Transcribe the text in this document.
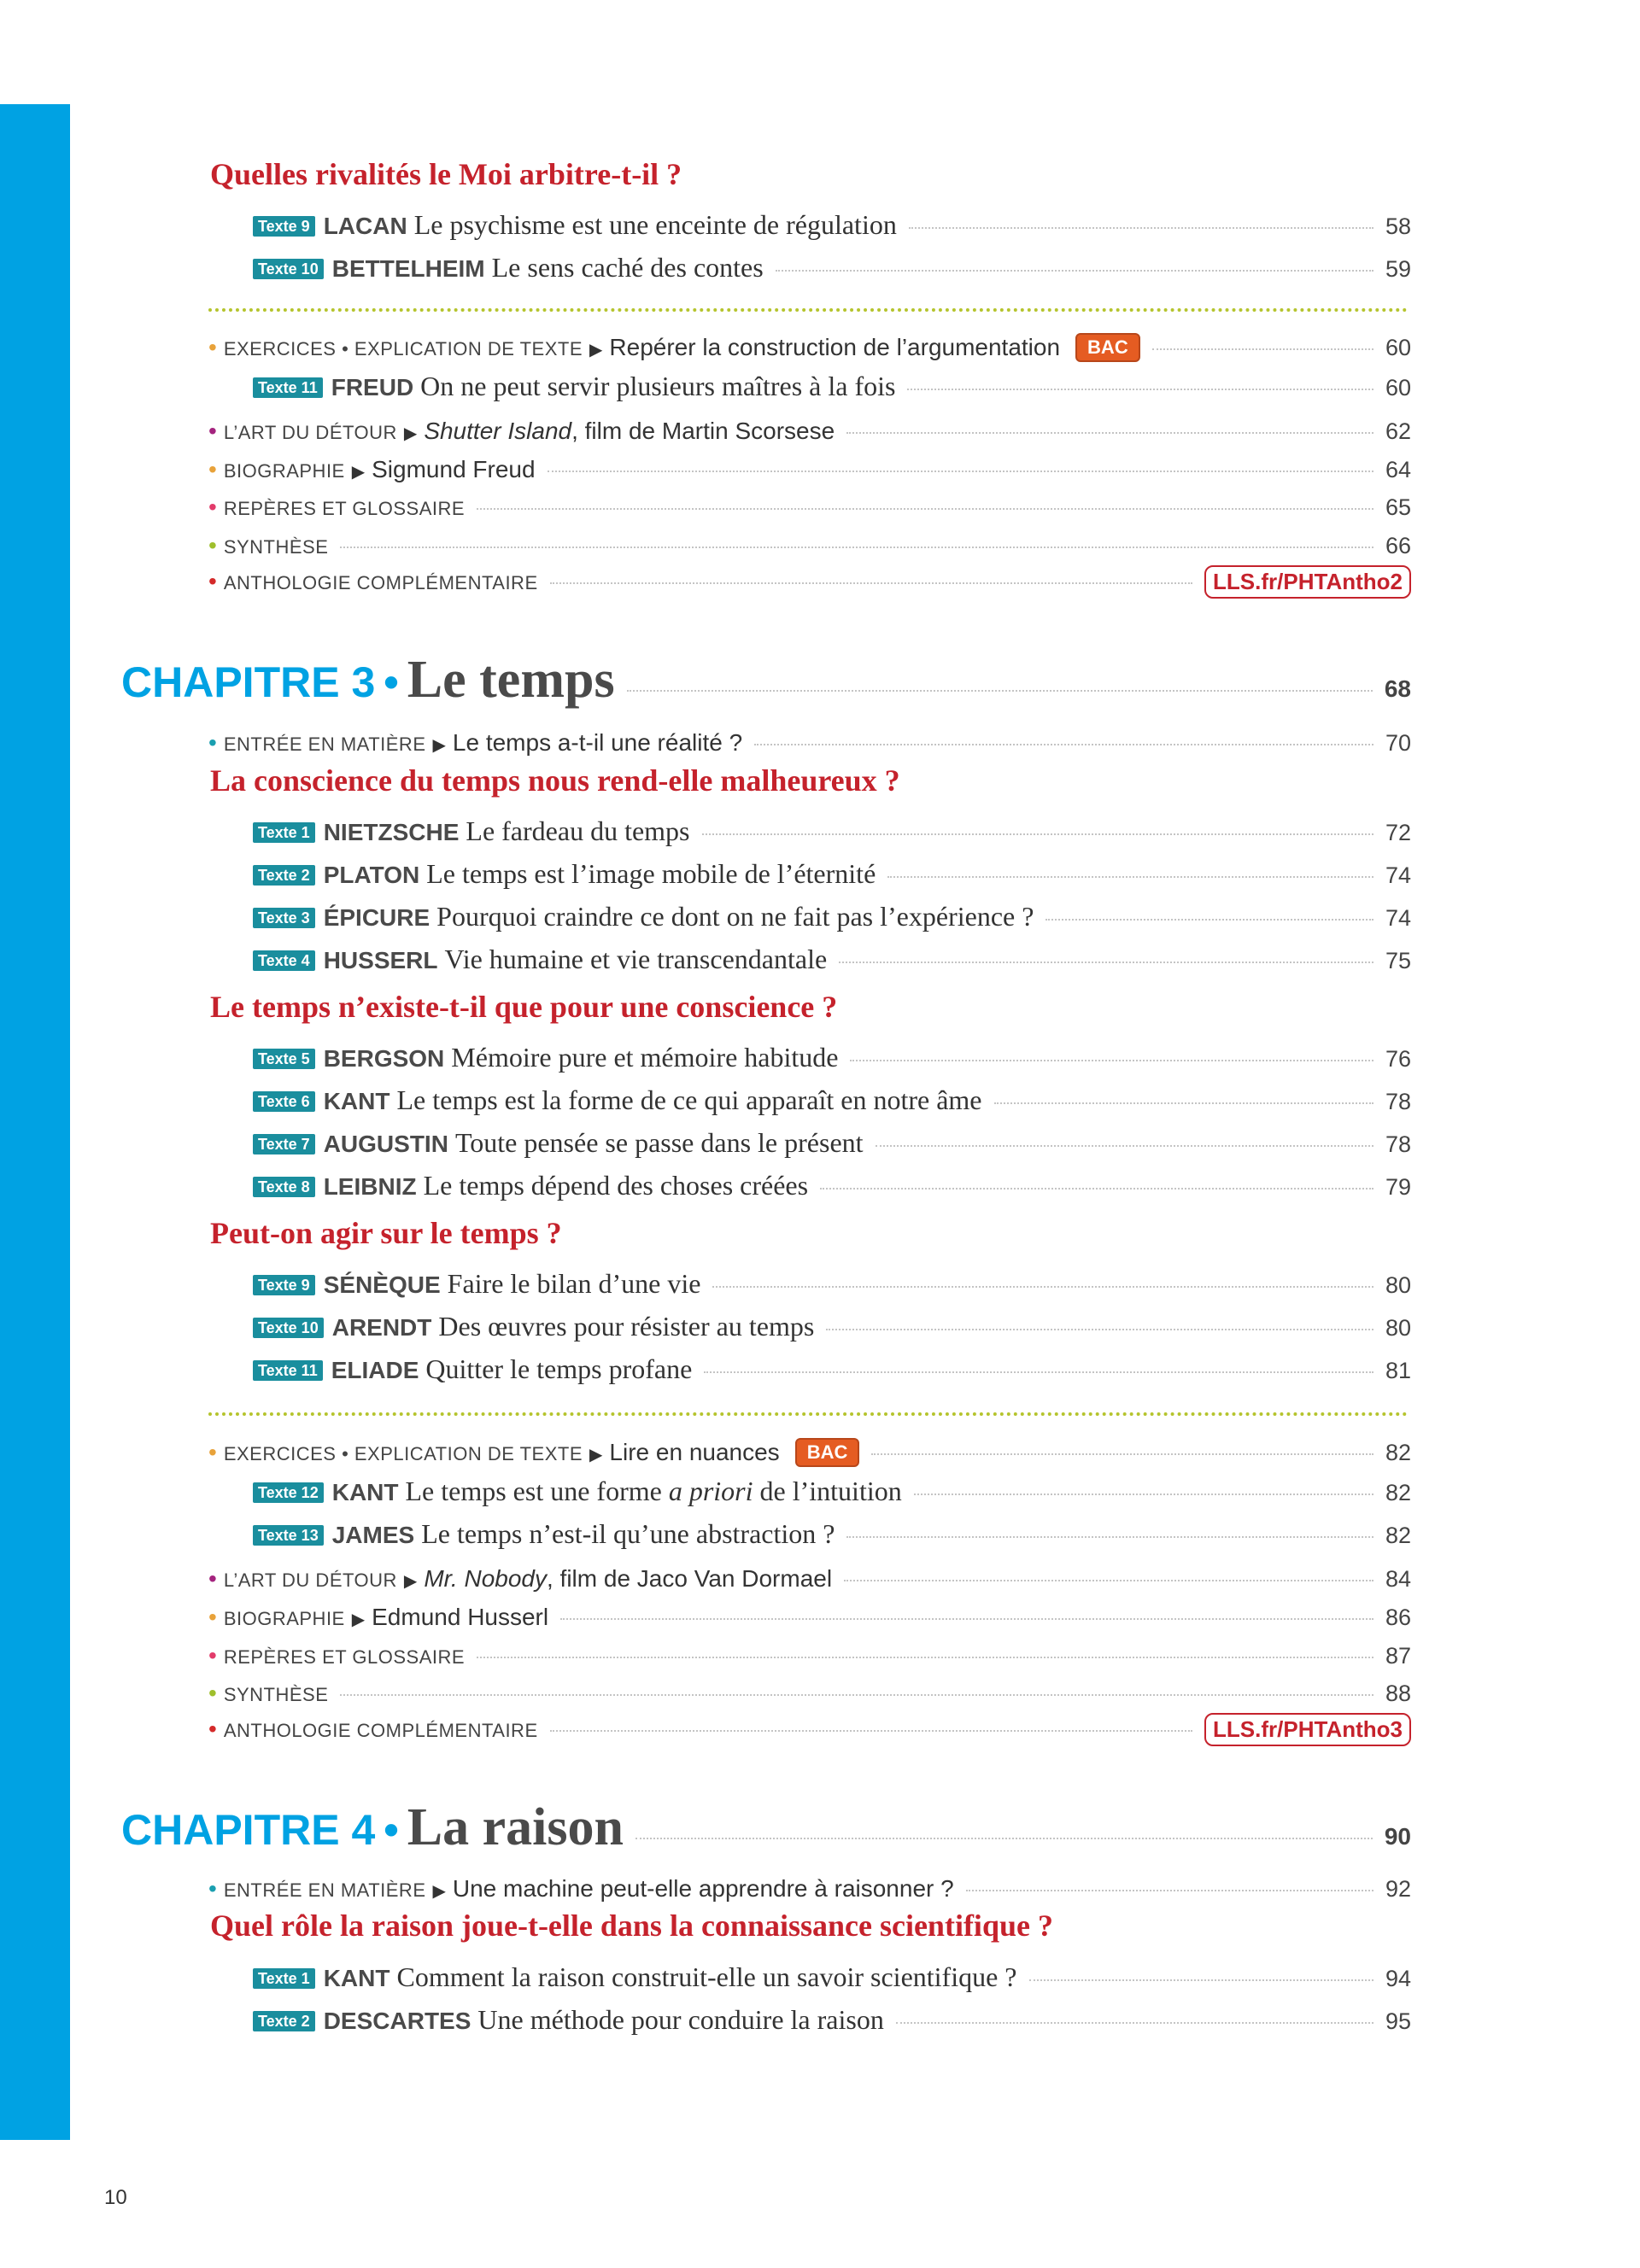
Quelles rivalités le Moi arbitre-t-il ?
Texte 9 LACAN Le psychisme est une enceinte de régulation	58
Texte 10 BETTELHEIM Le sens caché des contes	59
• EXERCICES • EXPLICATION DE TEXTE ▶ Repérer la construction de l’argumentation	BAC	60
Texte 11 FREUD On ne peut servir plusieurs maîtres à la fois	60
• L’ART DU DÉTOUR ▶ Shutter Island , film de Martin Scorsese	62
• BIOGRAPHIE ▶ Sigmund Freud	64
• REPÈRES ET GLOSSAIRE	65
• SYNTHÈSE	66
• ANTHOLOGIE COMPLÉMENTAIRE	LLS.fr/PHTAntho2
CHAPITRE 3 • Le temps	68
• ENTRÉE EN MATIÈRE ▶ Le temps a-t-il une réalité ?	70
La conscience du temps nous rend-elle malheureux ?
Texte 1 NIETZSCHE Le fardeau du temps	72
Texte 2 PLATON Le temps est l’image mobile de l’éternité	74
Texte 3 ÉPICURE Pourquoi craindre ce dont on ne fait pas l’expérience ?	74
Texte 4 HUSSERL Vie humaine et vie transcendantale	75
Le temps n’existe-t-il que pour une conscience ?
Texte 5 BERGSON Mémoire pure et mémoire habitude	76
Texte 6 KANT Le temps est la forme de ce qui apparaît en notre âme	78
Texte 7 AUGUSTIN Toute pensée se passe dans le présent	78
Texte 8 LEIBNIZ Le temps dépend des choses créées	79
Peut-on agir sur le temps ?
Texte 9 SÉNÈQUE Faire le bilan d’une vie	80
Texte 10 ARENDT Des œuvres pour résister au temps	80
Texte 11 ELIADE Quitter le temps profane	81
• EXERCICES • EXPLICATION DE TEXTE ▶ Lire en nuances	BAC	82
Texte 12 KANT Le temps est une forme a priori de l’intuition	82
Texte 13 JAMES Le temps n’est-il qu’une abstraction ?	82
• L’ART DU DÉTOUR ▶ Mr. Nobody , film de Jaco Van Dormael	84
• BIOGRAPHIE ▶ Edmund Husserl	86
• REPÈRES ET GLOSSAIRE	87
• SYNTHÈSE	88
• ANTHOLOGIE COMPLÉMENTAIRE	LLS.fr/PHTAntho3
CHAPITRE 4 • La raison	90
• ENTRÉE EN MATIÈRE ▶ Une machine peut-elle apprendre à raisonner ?	92
Quel rôle la raison joue-t-elle dans la connaissance scientifique ?
Texte 1 KANT Comment la raison construit-elle un savoir scientifique ?	94
Texte 2 DESCARTES Une méthode pour conduire la raison	95
10
